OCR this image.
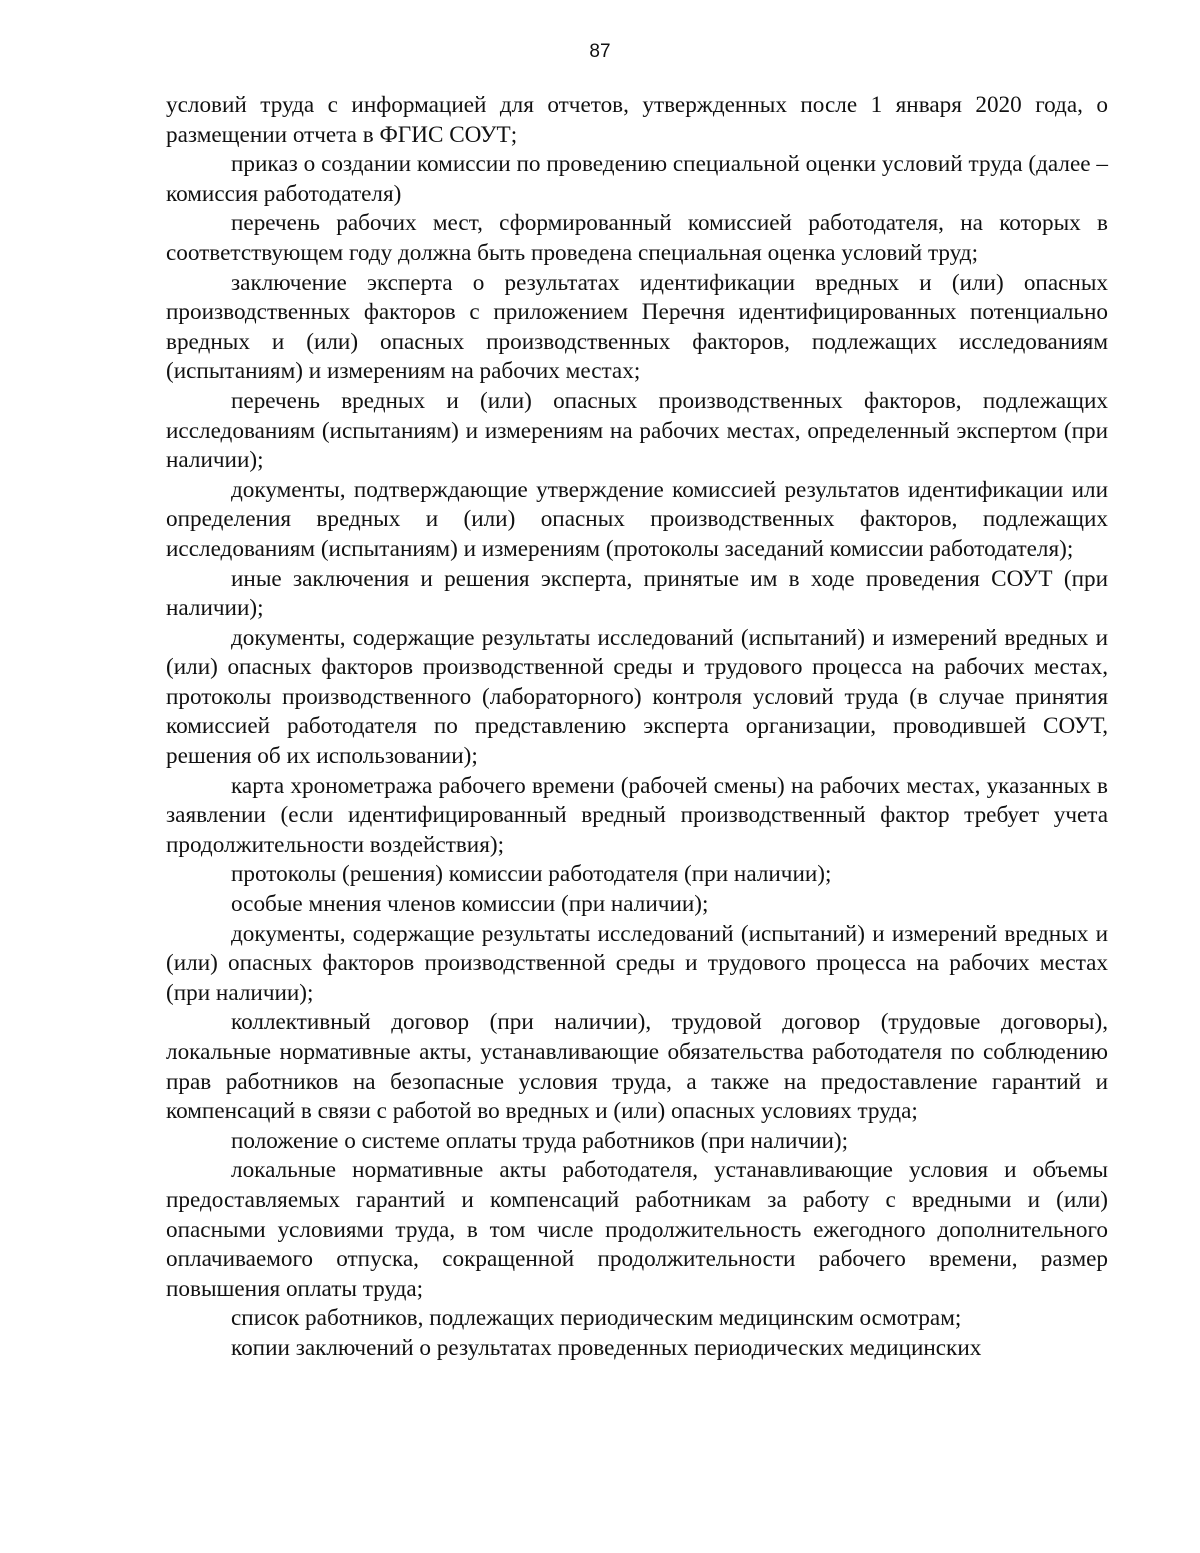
87

условий труда с информацией для отчетов, утвержденных после 1 января 2020 года, о размещении отчета в ФГИС СОУТ;

приказ о создании комиссии по проведению специальной оценки условий труда (далее – комиссия работодателя)

перечень рабочих мест, сформированный комиссией работодателя, на которых в соответствующем году должна быть проведена специальная оценка условий труд;

заключение эксперта о результатах идентификации вредных и (или) опасных производственных факторов с приложением Перечня идентифицированных потенциально вредных и (или) опасных производственных факторов, подлежащих исследованиям (испытаниям) и измерениям на рабочих местах;

перечень вредных и (или) опасных производственных факторов, подлежащих исследованиям (испытаниям) и измерениям на рабочих местах, определенный экспертом (при наличии);

документы, подтверждающие утверждение комиссией результатов идентификации или определения вредных и (или) опасных производственных факторов, подлежащих исследованиям (испытаниям) и измерениям (протоколы заседаний комиссии работодателя);

иные заключения и решения эксперта, принятые им в ходе проведения СОУТ (при наличии);

документы, содержащие результаты исследований (испытаний) и измерений вредных и (или) опасных факторов производственной среды и трудового процесса на рабочих местах, протоколы производственного (лабораторного) контроля условий труда (в случае принятия комиссией работодателя по представлению эксперта организации, проводившей СОУТ, решения об их использовании);

карта хронометража рабочего времени (рабочей смены) на рабочих местах, указанных в заявлении (если идентифицированный вредный производственный фактор требует учета продолжительности воздействия);

протоколы (решения) комиссии работодателя (при наличии);

особые мнения членов комиссии (при наличии);

документы, содержащие результаты исследований (испытаний) и измерений вредных и (или) опасных факторов производственной среды и трудового процесса на рабочих местах (при наличии);

коллективный договор (при наличии), трудовой договор (трудовые договоры), локальные нормативные акты, устанавливающие обязательства работодателя по соблюдению прав работников на безопасные условия труда, а также на предоставление гарантий и компенсаций в связи с работой во вредных и (или) опасных условиях труда;

положение о системе оплаты труда работников (при наличии);

локальные нормативные акты работодателя, устанавливающие условия и объемы предоставляемых гарантий и компенсаций работникам за работу с вредными и (или) опасными условиями труда, в том числе продолжительность ежегодного дополнительного оплачиваемого отпуска, сокращенной продолжительности рабочего времени, размер повышения оплаты труда;

список работников, подлежащих периодическим медицинским осмотрам;

копии заключений о результатах проведенных периодических медицинских
